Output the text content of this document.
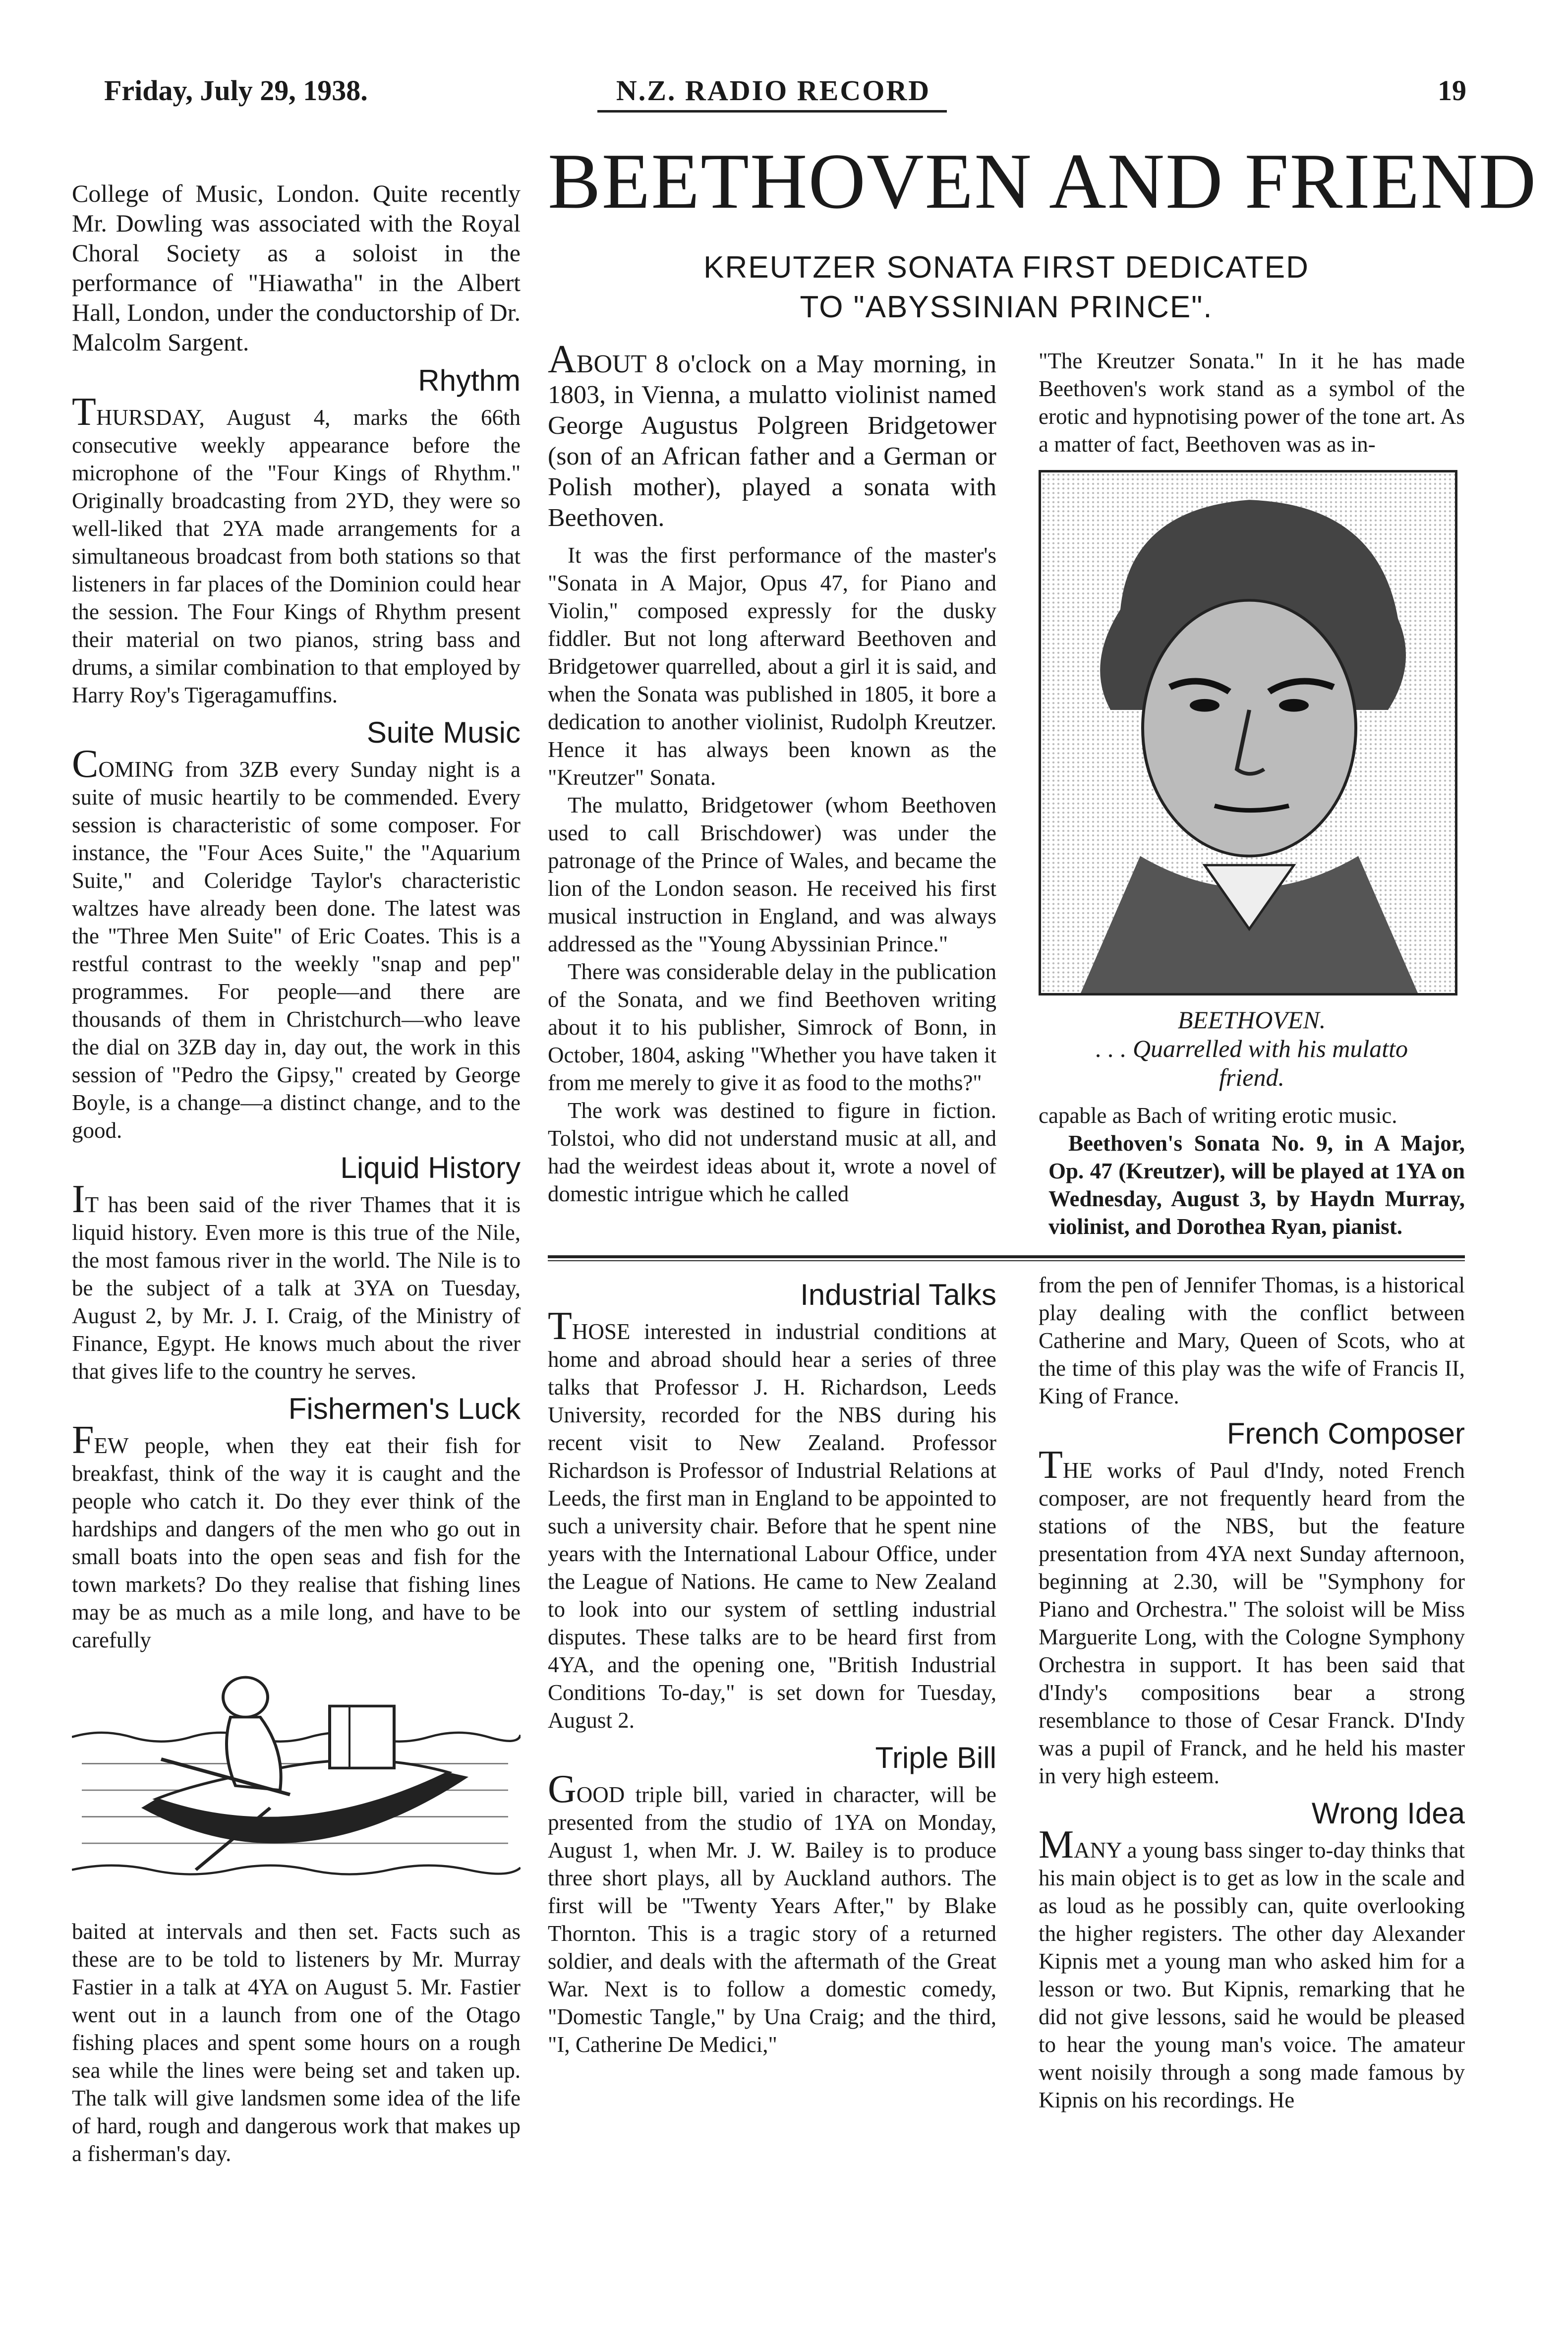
Friday, July 29, 1938.	N.Z. RADIO RECORD	19

College of Music, London. Quite recently Mr. Dowling was associated with the Royal Choral Society as a soloist in the performance of "Hiawatha" in the Albert Hall, London, under the conductorship of Dr. Malcolm Sargent.

Rhythm

THURSDAY, August 4, marks the 66th consecutive weekly appearance before the microphone of the "Four Kings of Rhythm." Originally broadcasting from 2YD, they were so well-liked that 2YA made arrangements for a simultaneous broadcast from both stations so that listeners in far places of the Dominion could hear the session. The Four Kings of Rhythm present their material on two pianos, string bass and drums, a similar combination to that employed by Harry Roy's Tigeragamuffins.

Suite Music

COMING from 3ZB every Sunday night is a suite of music heartily to be commended. Every session is characteristic of some composer. For instance, the "Four Aces Suite," the "Aquarium Suite," and Coleridge Taylor's characteristic waltzes have already been done. The latest was the "Three Men Suite" of Eric Coates. This is a restful contrast to the weekly "snap and pep" programmes. For people—and there are thousands of them in Christchurch—who leave the dial on 3ZB day in, day out, the work in this session of "Pedro the Gipsy," created by George Boyle, is a change—a distinct change, and to the good.

Liquid History

IT has been said of the river Thames that it is liquid history. Even more is this true of the Nile, the most famous river in the world. The Nile is to be the subject of a talk at 3YA on Tuesday, August 2, by Mr. J. I. Craig, of the Ministry of Finance, Egypt. He knows much about the river that gives life to the country he serves.

Fishermen's Luck

FEW people, when they eat their fish for breakfast, think of the way it is caught and the people who catch it. Do they ever think of the hardships and dangers of the men who go out in small boats into the open seas and fish for the town markets? Do they realise that fishing lines may be as much as a mile long, and have to be carefully

baited at intervals and then set. Facts such as these are to be told to listeners by Mr. Murray Fastier in a talk at 4YA on August 5. Mr. Fastier went out in a launch from one of the Otago fishing places and spent some hours on a rough sea while the lines were being set and taken up. The talk will give landsmen some idea of the life of hard, rough and dangerous work that makes up a fisherman's day.

BEETHOVEN AND FRIEND
KREUTZER SONATA FIRST DEDICATED
TO "ABYSSINIAN PRINCE".

ABOUT 8 o'clock on a May morning, in 1803, in Vienna, a mulatto violinist named George Augustus Polgreen Bridgetower (son of an African father and a German or Polish mother), played a sonata with Beethoven.

It was the first performance of the master's "Sonata in A Major, Opus 47, for Piano and Violin," composed expressly for the dusky fiddler. But not long afterward Beethoven and Bridgetower quarrelled, about a girl it is said, and when the Sonata was published in 1805, it bore a dedication to another violinist, Rudolph Kreutzer. Hence it has always been known as the "Kreutzer" Sonata.

The mulatto, Bridgetower (whom Beethoven used to call Brischdower) was under the patronage of the Prince of Wales, and became the lion of the London season. He received his first musical instruction in England, and was always addressed as the "Young Abyssinian Prince."

There was considerable delay in the publication of the Sonata, and we find Beethoven writing about it to his publisher, Simrock of Bonn, in October, 1804, asking "Whether you have taken it from me merely to give it as food to the moths?"

The work was destined to figure in fiction. Tolstoi, who did not understand music at all, and had the weirdest ideas about it, wrote a novel of domestic intrigue which he called

"The Kreutzer Sonata." In it he has made Beethoven's work stand as a symbol of the erotic and hypnotising power of the tone art. As a matter of fact, Beethoven was as in-

BEETHOVEN.
. . . Quarrelled with his mulatto friend.

capable as Bach of writing erotic music.

Beethoven's Sonata No. 9, in A Major, Op. 47 (Kreutzer), will be played at 1YA on Wednesday, August 3, by Haydn Murray, violinist, and Dorothea Ryan, pianist.

Industrial Talks

THOSE interested in industrial conditions at home and abroad should hear a series of three talks that Professor J. H. Richardson, Leeds University, recorded for the NBS during his recent visit to New Zealand. Professor Richardson is Professor of Industrial Relations at Leeds, the first man in England to be appointed to such a university chair. Before that he spent nine years with the International Labour Office, under the League of Nations. He came to New Zealand to look into our system of settling industrial disputes. These talks are to be heard first from 4YA, and the opening one, "British Industrial Conditions To-day," is set down for Tuesday, August 2.

Triple Bill

GOOD triple bill, varied in character, will be presented from the studio of 1YA on Monday, August 1, when Mr. J. W. Bailey is to produce three short plays, all by Auckland authors. The first will be "Twenty Years After," by Blake Thornton. This is a tragic story of a returned soldier, and deals with the aftermath of the Great War. Next is to follow a domestic comedy, "Domestic Tangle," by Una Craig; and the third, "I, Catherine De Medici,"

from the pen of Jennifer Thomas, is a historical play dealing with the conflict between Catherine and Mary, Queen of Scots, who at the time of this play was the wife of Francis II, King of France.

French Composer

THE works of Paul d'Indy, noted French composer, are not frequently heard from the stations of the NBS, but the feature presentation from 4YA next Sunday afternoon, beginning at 2.30, will be "Symphony for Piano and Orchestra." The soloist will be Miss Marguerite Long, with the Cologne Symphony Orchestra in support. It has been said that d'Indy's compositions bear a strong resemblance to those of Cesar Franck. D'Indy was a pupil of Franck, and he held his master in very high esteem.

Wrong Idea

MANY a young bass singer to-day thinks that his main object is to get as low in the scale and as loud as he possibly can, quite overlooking the higher registers. The other day Alexander Kipnis met a young man who asked him for a lesson or two. But Kipnis, remarking that he did not give lessons, said he would be pleased to hear the young man's voice. The amateur went noisily through a song made famous by Kipnis on his recordings. He
